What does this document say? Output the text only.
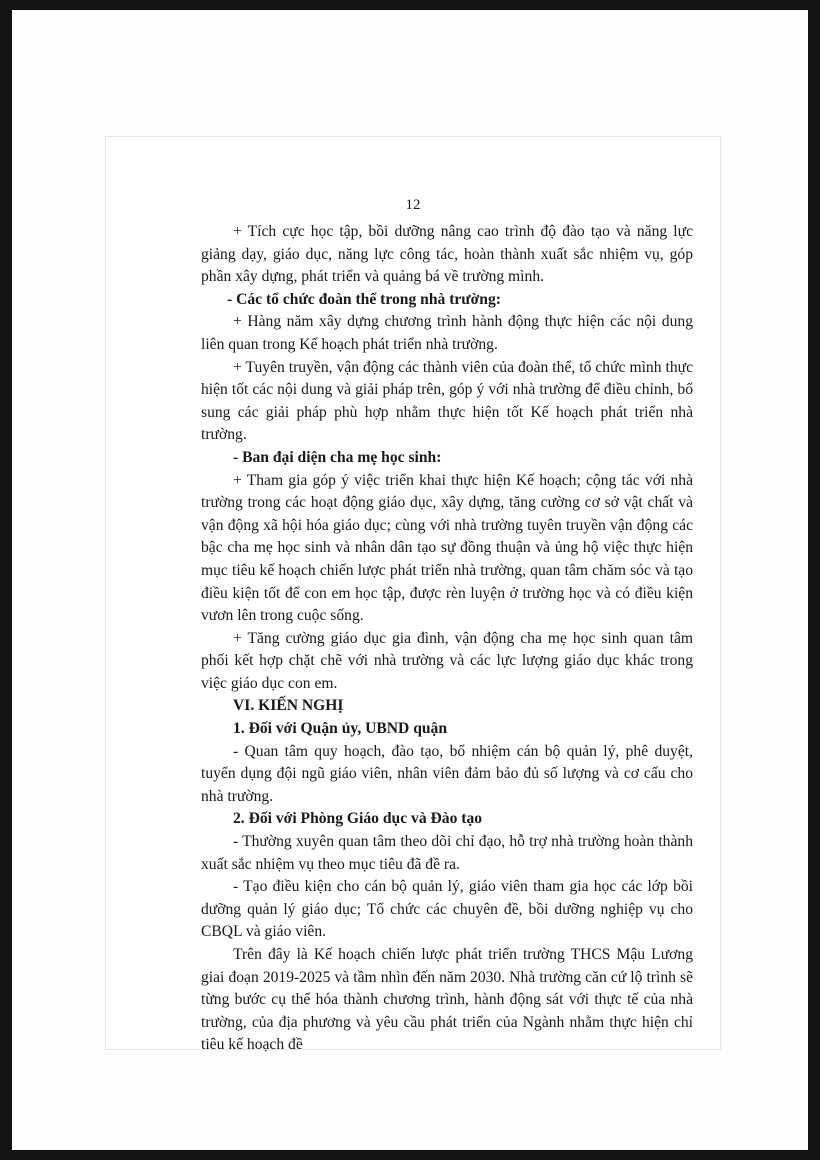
12

+ Tích cực học tập, bồi dưỡng nâng cao trình độ đào tạo và năng lực giảng dạy, giáo dục, năng lực công tác, hoàn thành xuất sắc nhiệm vụ, góp phần xây dựng, phát triển và quảng bá về trường mình.

- Các tổ chức đoàn thể trong nhà trường:

+ Hàng năm xây dựng chương trình hành động thực hiện các nội dung liên quan trong Kế hoạch phát triển nhà trường.

+ Tuyên truyền, vận động các thành viên của đoàn thể, tổ chức mình thực hiện tốt các nội dung và giải pháp trên, góp ý với nhà trường để điều chỉnh, bổ sung các giải pháp phù hợp nhằm thực hiện tốt Kế hoạch phát triển nhà trường.

- Ban đại diện cha mẹ học sinh:

+ Tham gia góp ý việc triển khai thực hiện Kế hoạch; cộng tác với nhà trường trong các hoạt động giáo dục, xây dựng, tăng cường cơ sở vật chất và vận động xã hội hóa giáo dục; cùng với nhà trường tuyên truyền vận động các bậc cha mẹ học sinh và nhân dân tạo sự đồng thuận và ủng hộ việc thực hiện mục tiêu kế hoạch chiến lược phát triển nhà trường, quan tâm chăm sóc và tạo điều kiện tốt để con em học tập, được rèn luyện ở trường học và có điều kiện vươn lên trong cuộc sống.

+ Tăng cường giáo dục gia đình, vận động cha mẹ học sinh quan tâm phối kết hợp chặt chẽ với nhà trường và các lực lượng giáo dục khác trong việc giáo dục con em.

VI. KIẾN NGHỊ

1. Đối với Quận ủy, UBND quận

- Quan tâm quy hoạch, đào tạo, bổ nhiệm cán bộ quản lý, phê duyệt, tuyển dụng đội ngũ giáo viên, nhân viên đảm bảo đủ số lượng và cơ cấu cho nhà trường.

2. Đối với Phòng Giáo dục và Đào tạo

- Thường xuyên quan tâm theo dõi chỉ đạo, hỗ trợ nhà trường hoàn thành xuất sắc nhiệm vụ theo mục tiêu đã đề ra.

- Tạo điều kiện cho cán bộ quản lý, giáo viên tham gia học các lớp bồi dưỡng quản lý giáo dục; Tổ chức các chuyên đề, bồi dưỡng nghiệp vụ cho CBQL và giáo viên.

Trên đây là Kế hoạch chiến lược phát triển trường THCS Mậu Lương giai đoạn 2019-2025 và tầm nhìn đến năm 2030. Nhà trường căn cứ lộ trình sẽ từng bước cụ thể hóa thành chương trình, hành động sát với thực tế của nhà trường, của địa phương và yêu cầu phát triển của Ngành nhằm thực hiện chỉ tiêu kế hoạch đề
